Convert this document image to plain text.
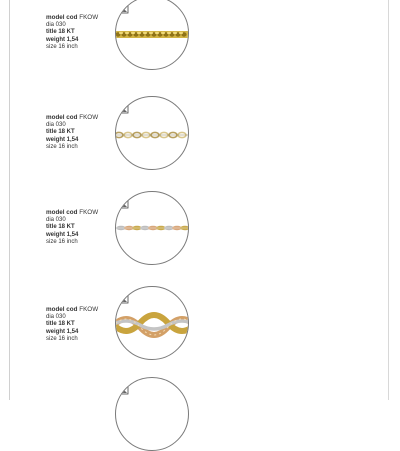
model cod FKOW
dia 030
title 18 KT
weight 1,54
size 16 inch
Fik
model cod FKOW
dia 030
title 18 KT
weight 1,54
size 16 inch
Fik
model cod FKOW
dia 030
title 18 KT
weight 1,54
size 16 inch
Fik
model cod FKOW
dia 030
title 18 KT
weight 1,54
size 16 inch
Fik
Fik
